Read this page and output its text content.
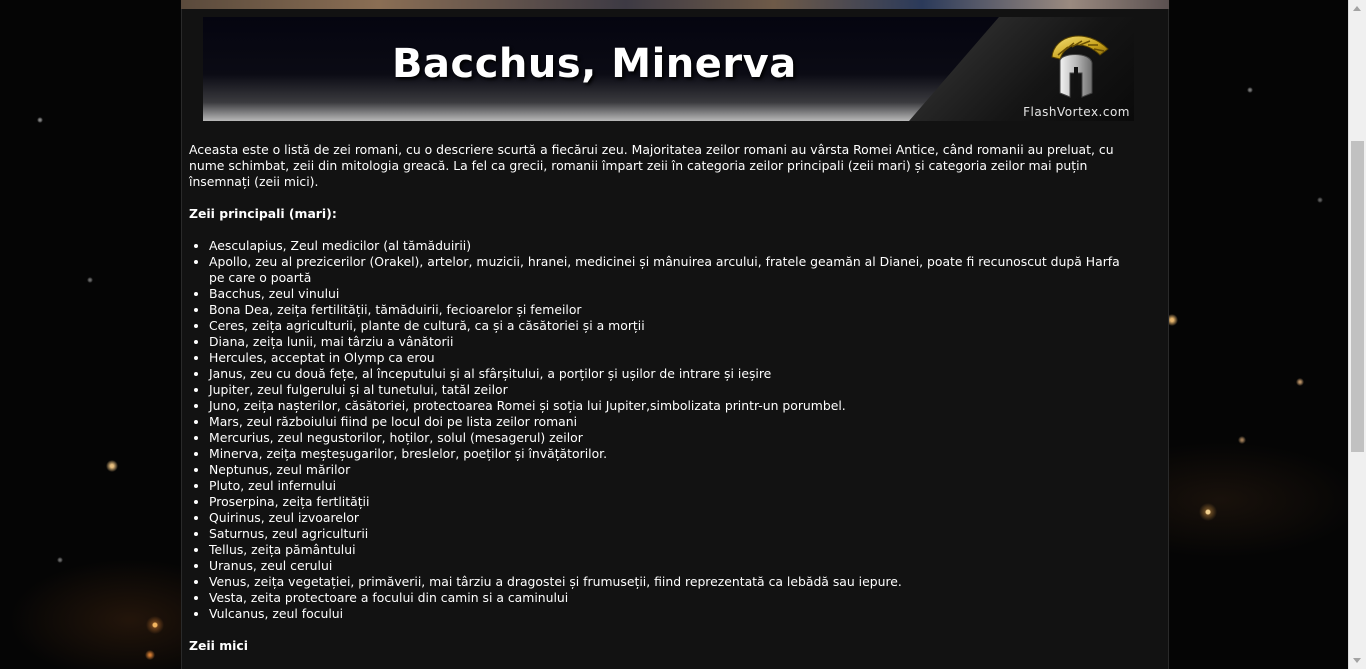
Bacchus, Minerva
FlashVortex.com

Aceasta este o listă de zei romani, cu o descriere scurtă a fiecărui zeu. Majoritatea zeilor romani au vârsta Romei Antice, când romanii au preluat, cu nume schimbat, zeii din mitologia greacă. La fel ca grecii, romanii împart zeii în categoria zeilor principali (zeii mari) și categoria zeilor mai puțin însemnați (zeii mici).

Zeii principali (mari):

• Aesculapius, Zeul medicilor (al tămăduirii)
• Apollo, zeu al prezicerilor (Orakel), artelor, muzicii, hranei, medicinei și mânuirea arcului, fratele geamăn al Dianei, poate fi recunoscut după Harfa pe care o poartă
• Bacchus, zeul vinului
• Bona Dea, zeița fertilității, tămăduirii, fecioarelor și femeilor
• Ceres, zeița agriculturii, plante de cultură, ca și a căsătoriei și a morții
• Diana, zeița lunii, mai târziu a vânătorii
• Hercules, acceptat in Olymp ca erou
• Janus, zeu cu două fețe, al începutului și al sfârșitului, a porților și ușilor de intrare și ieșire
• Jupiter, zeul fulgerului și al tunetului, tatăl zeilor
• Juno, zeița nașterilor, căsătoriei, protectoarea Romei și soția lui Jupiter,simbolizata printr-un porumbel.
• Mars, zeul războiului fiind pe locul doi pe lista zeilor romani
• Mercurius, zeul negustorilor, hoților, solul (mesagerul) zeilor
• Minerva, zeița meșteșugarilor, breslelor, poeților și învățătorilor.
• Neptunus, zeul mărilor
• Pluto, zeul infernului
• Proserpina, zeița fertlității
• Quirinus, zeul izvoarelor
• Saturnus, zeul agriculturii
• Tellus, zeița pământului
• Uranus, zeul cerului
• Venus, zeița vegetației, primăverii, mai târziu a dragostei și frumuseții, fiind reprezentată ca lebădă sau iepure.
• Vesta, zeita protectoare a focului din camin si a caminului
• Vulcanus, zeul focului

Zeii mici
